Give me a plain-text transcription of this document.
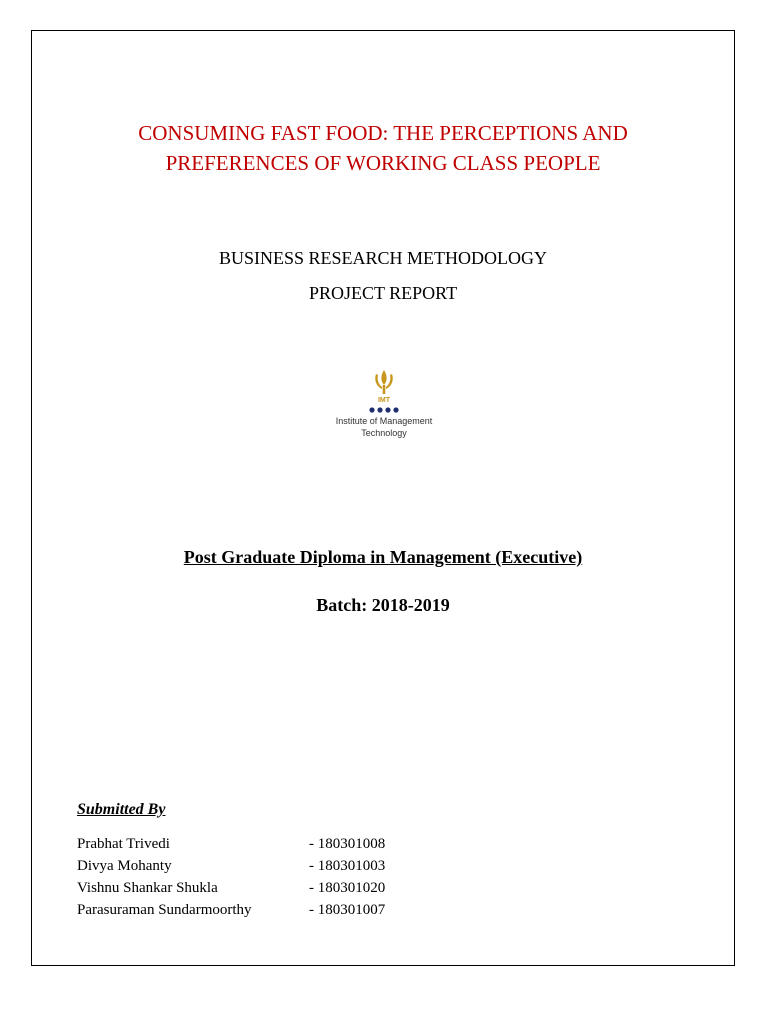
CONSUMING FAST FOOD: THE PERCEPTIONS AND
PREFERENCES OF WORKING CLASS PEOPLE
BUSINESS RESEARCH METHODOLOGY
PROJECT REPORT
IMT
Institute of Management
Technology
Post Graduate Diploma in Management (Executive)
Batch: 2018-2019
Submitted By
Prabhat Trivedi	- 180301008
Divya Mohanty	- 180301003
Vishnu Shankar Shukla	- 180301020
Parasuraman Sundarmoorthy	- 180301007
